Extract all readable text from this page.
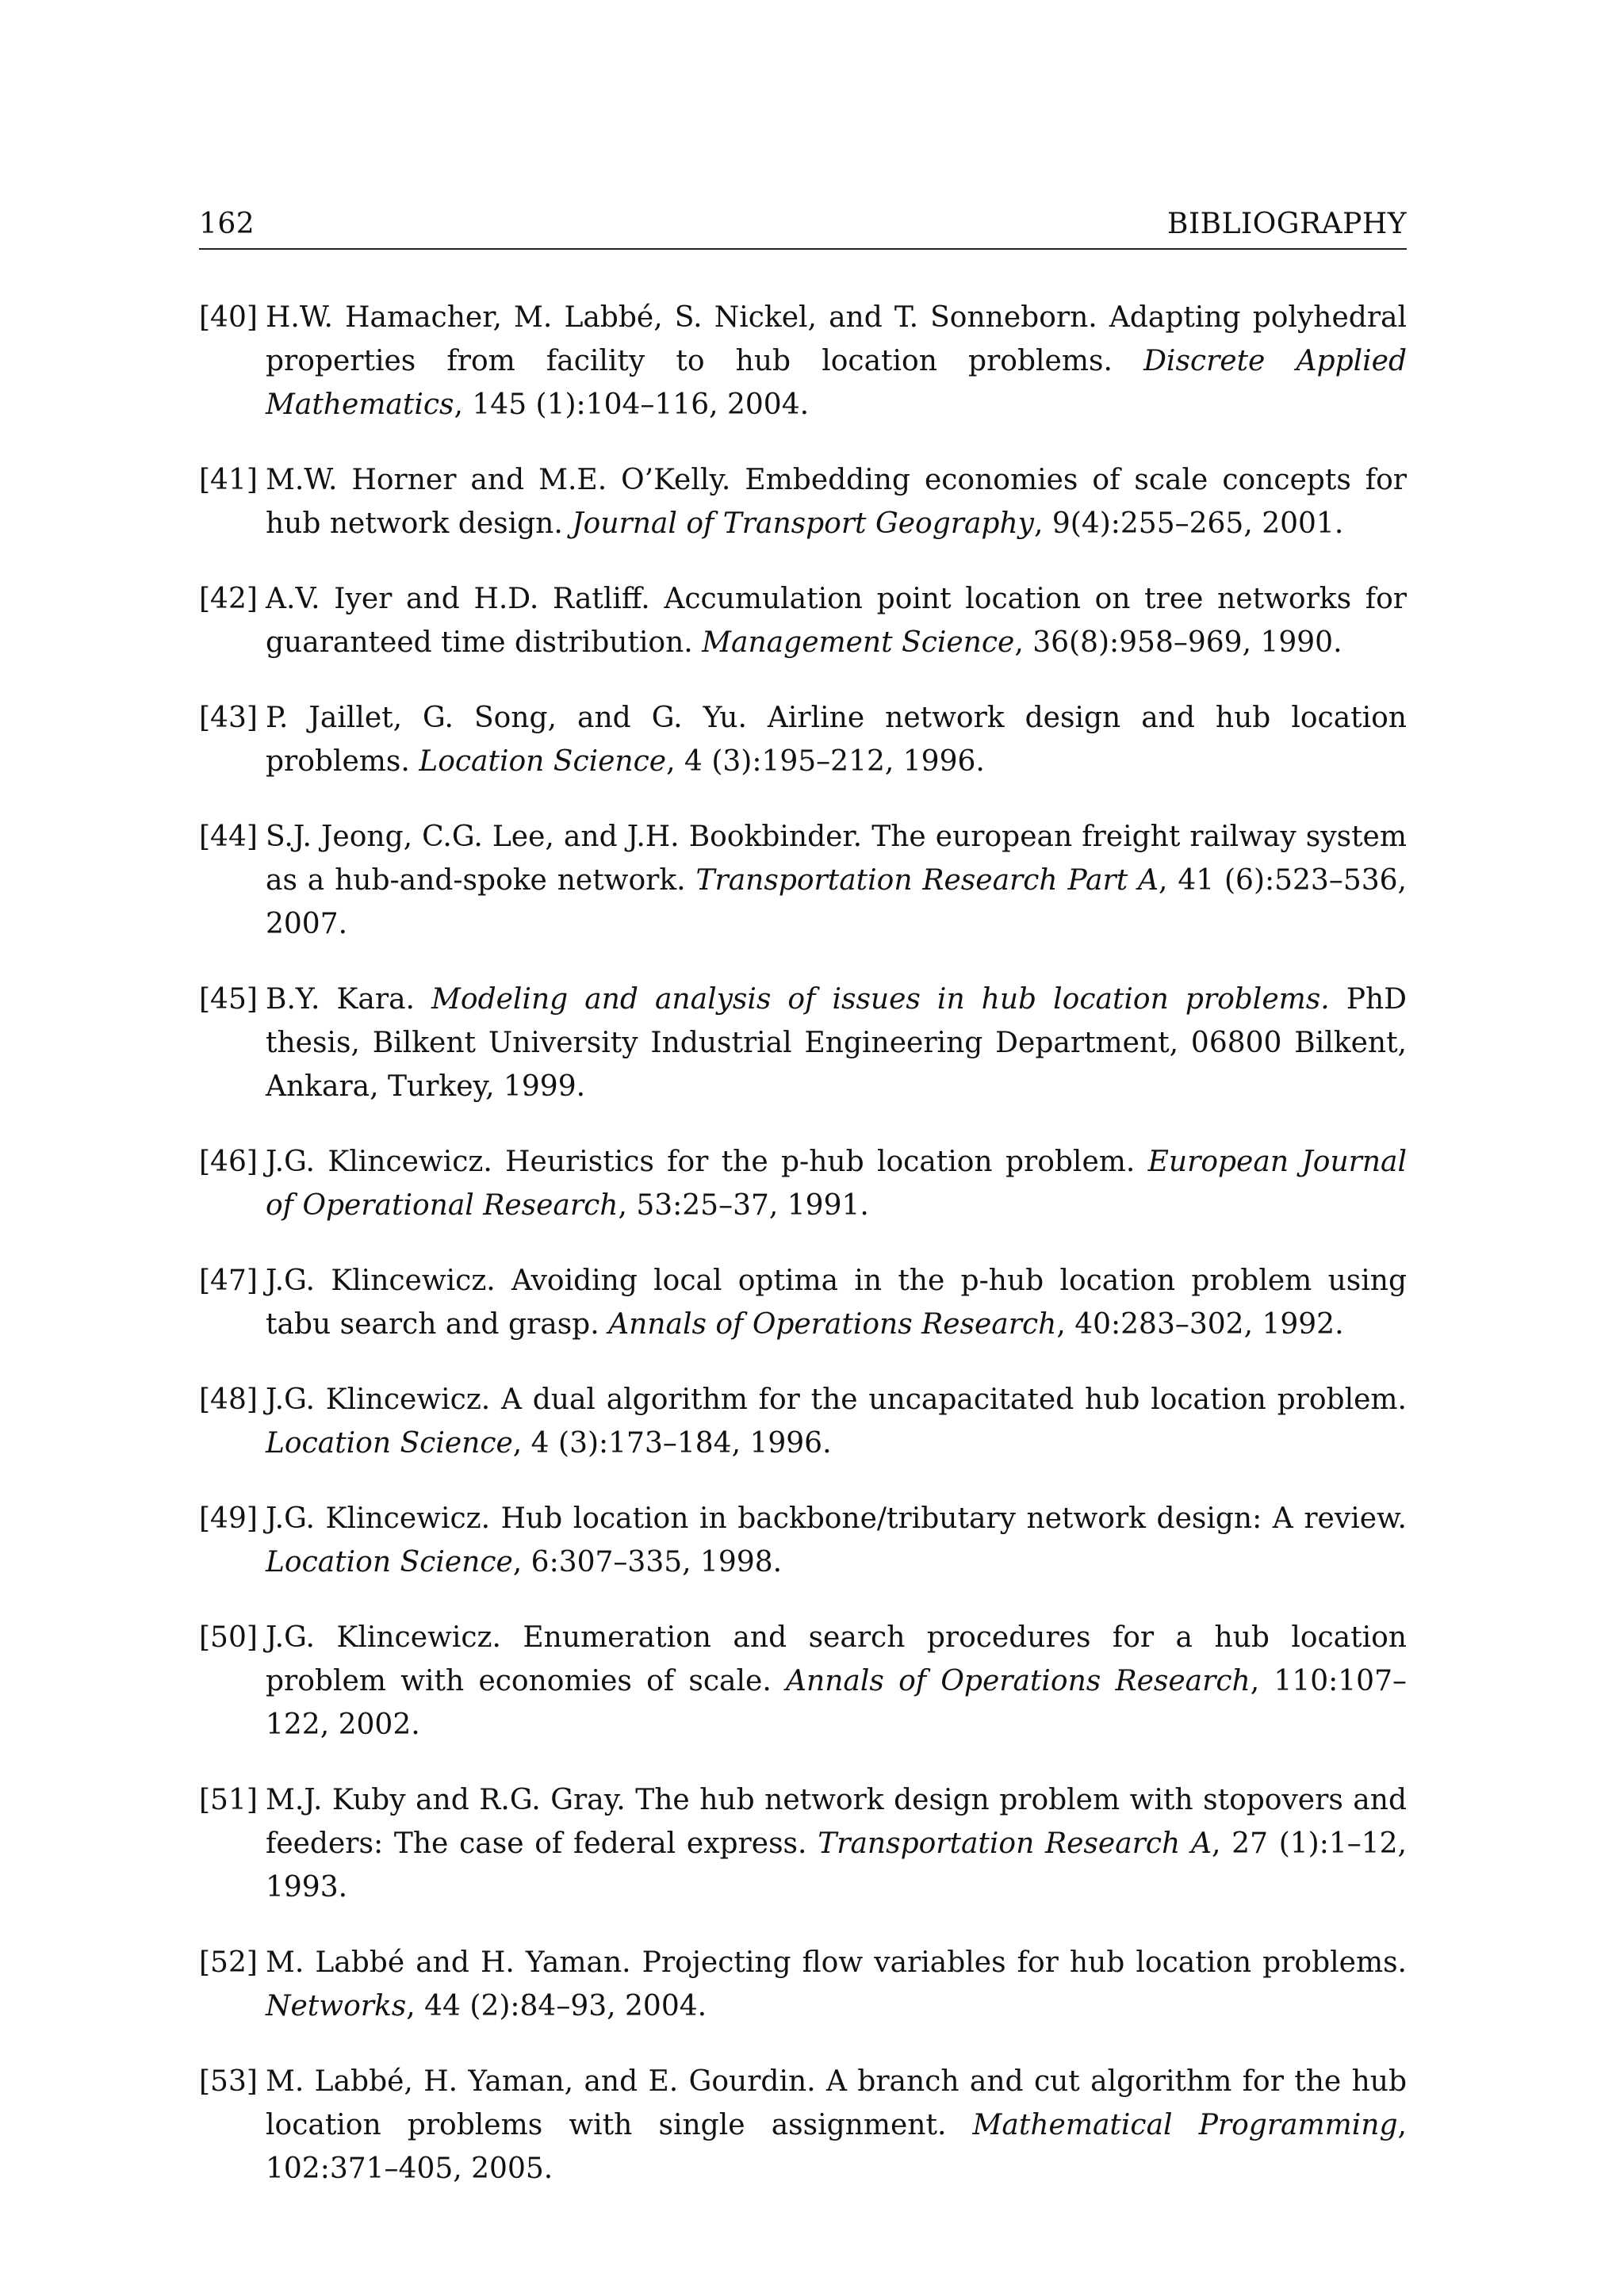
162	BIBLIOGRAPHY
[40] H.W. Hamacher, M. Labbé, S. Nickel, and T. Sonneborn. Adapting polyhedral properties from facility to hub location problems. Discrete Applied Mathematics, 145 (1):104–116, 2004.
[41] M.W. Horner and M.E. O’Kelly. Embedding economies of scale concepts for hub network design. Journal of Transport Geography, 9(4):255–265, 2001.
[42] A.V. Iyer and H.D. Ratliff. Accumulation point location on tree networks for guaranteed time distribution. Management Science, 36(8):958–969, 1990.
[43] P. Jaillet, G. Song, and G. Yu. Airline network design and hub location problems. Location Science, 4 (3):195–212, 1996.
[44] S.J. Jeong, C.G. Lee, and J.H. Bookbinder. The european freight railway system as a hub-and-spoke network. Transportation Research Part A, 41 (6):523–536, 2007.
[45] B.Y. Kara. Modeling and analysis of issues in hub location problems. PhD thesis, Bilkent University Industrial Engineering Department, 06800 Bilkent, Ankara, Turkey, 1999.
[46] J.G. Klincewicz. Heuristics for the p-hub location problem. European Journal of Operational Research, 53:25–37, 1991.
[47] J.G. Klincewicz. Avoiding local optima in the p-hub location problem using tabu search and grasp. Annals of Operations Research, 40:283–302, 1992.
[48] J.G. Klincewicz. A dual algorithm for the uncapacitated hub location problem. Location Science, 4 (3):173–184, 1996.
[49] J.G. Klincewicz. Hub location in backbone/tributary network design: A review. Location Science, 6:307–335, 1998.
[50] J.G. Klincewicz. Enumeration and search procedures for a hub location problem with economies of scale. Annals of Operations Research, 110:107–122, 2002.
[51] M.J. Kuby and R.G. Gray. The hub network design problem with stopovers and feeders: The case of federal express. Transportation Research A, 27 (1):1–12, 1993.
[52] M. Labbé and H. Yaman. Projecting flow variables for hub location problems. Networks, 44 (2):84–93, 2004.
[53] M. Labbé, H. Yaman, and E. Gourdin. A branch and cut algorithm for the hub location problems with single assignment. Mathematical Programming, 102:371–405, 2005.
